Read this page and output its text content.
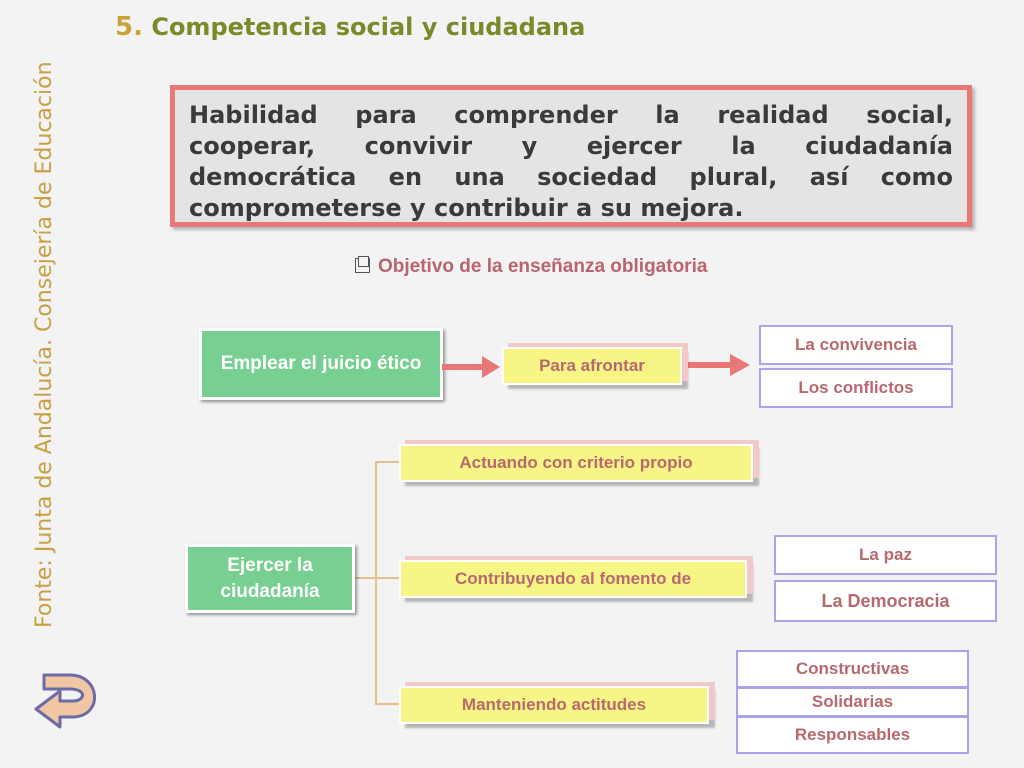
5. Competencia social y ciudadana
Fonte: Junta de Andalucía. Consejería de Educación	Habilidad para comprender la realidad social,
cooperar, convivir y ejercer la ciudadanía
democrática en una sociedad plural, así como
comprometerse y contribuir a su mejora.
Objetivo de la enseñanza obligatoria
Emplear el juicio ético	Para afrontar
La convivencia
Los conflictos
Ejercer la ciudadanía
Actuando con criterio propio
Contribuyendo al fomento de
Manteniendo actitudes
La paz
La Democracia
Constructivas
Solidarias
Responsables
